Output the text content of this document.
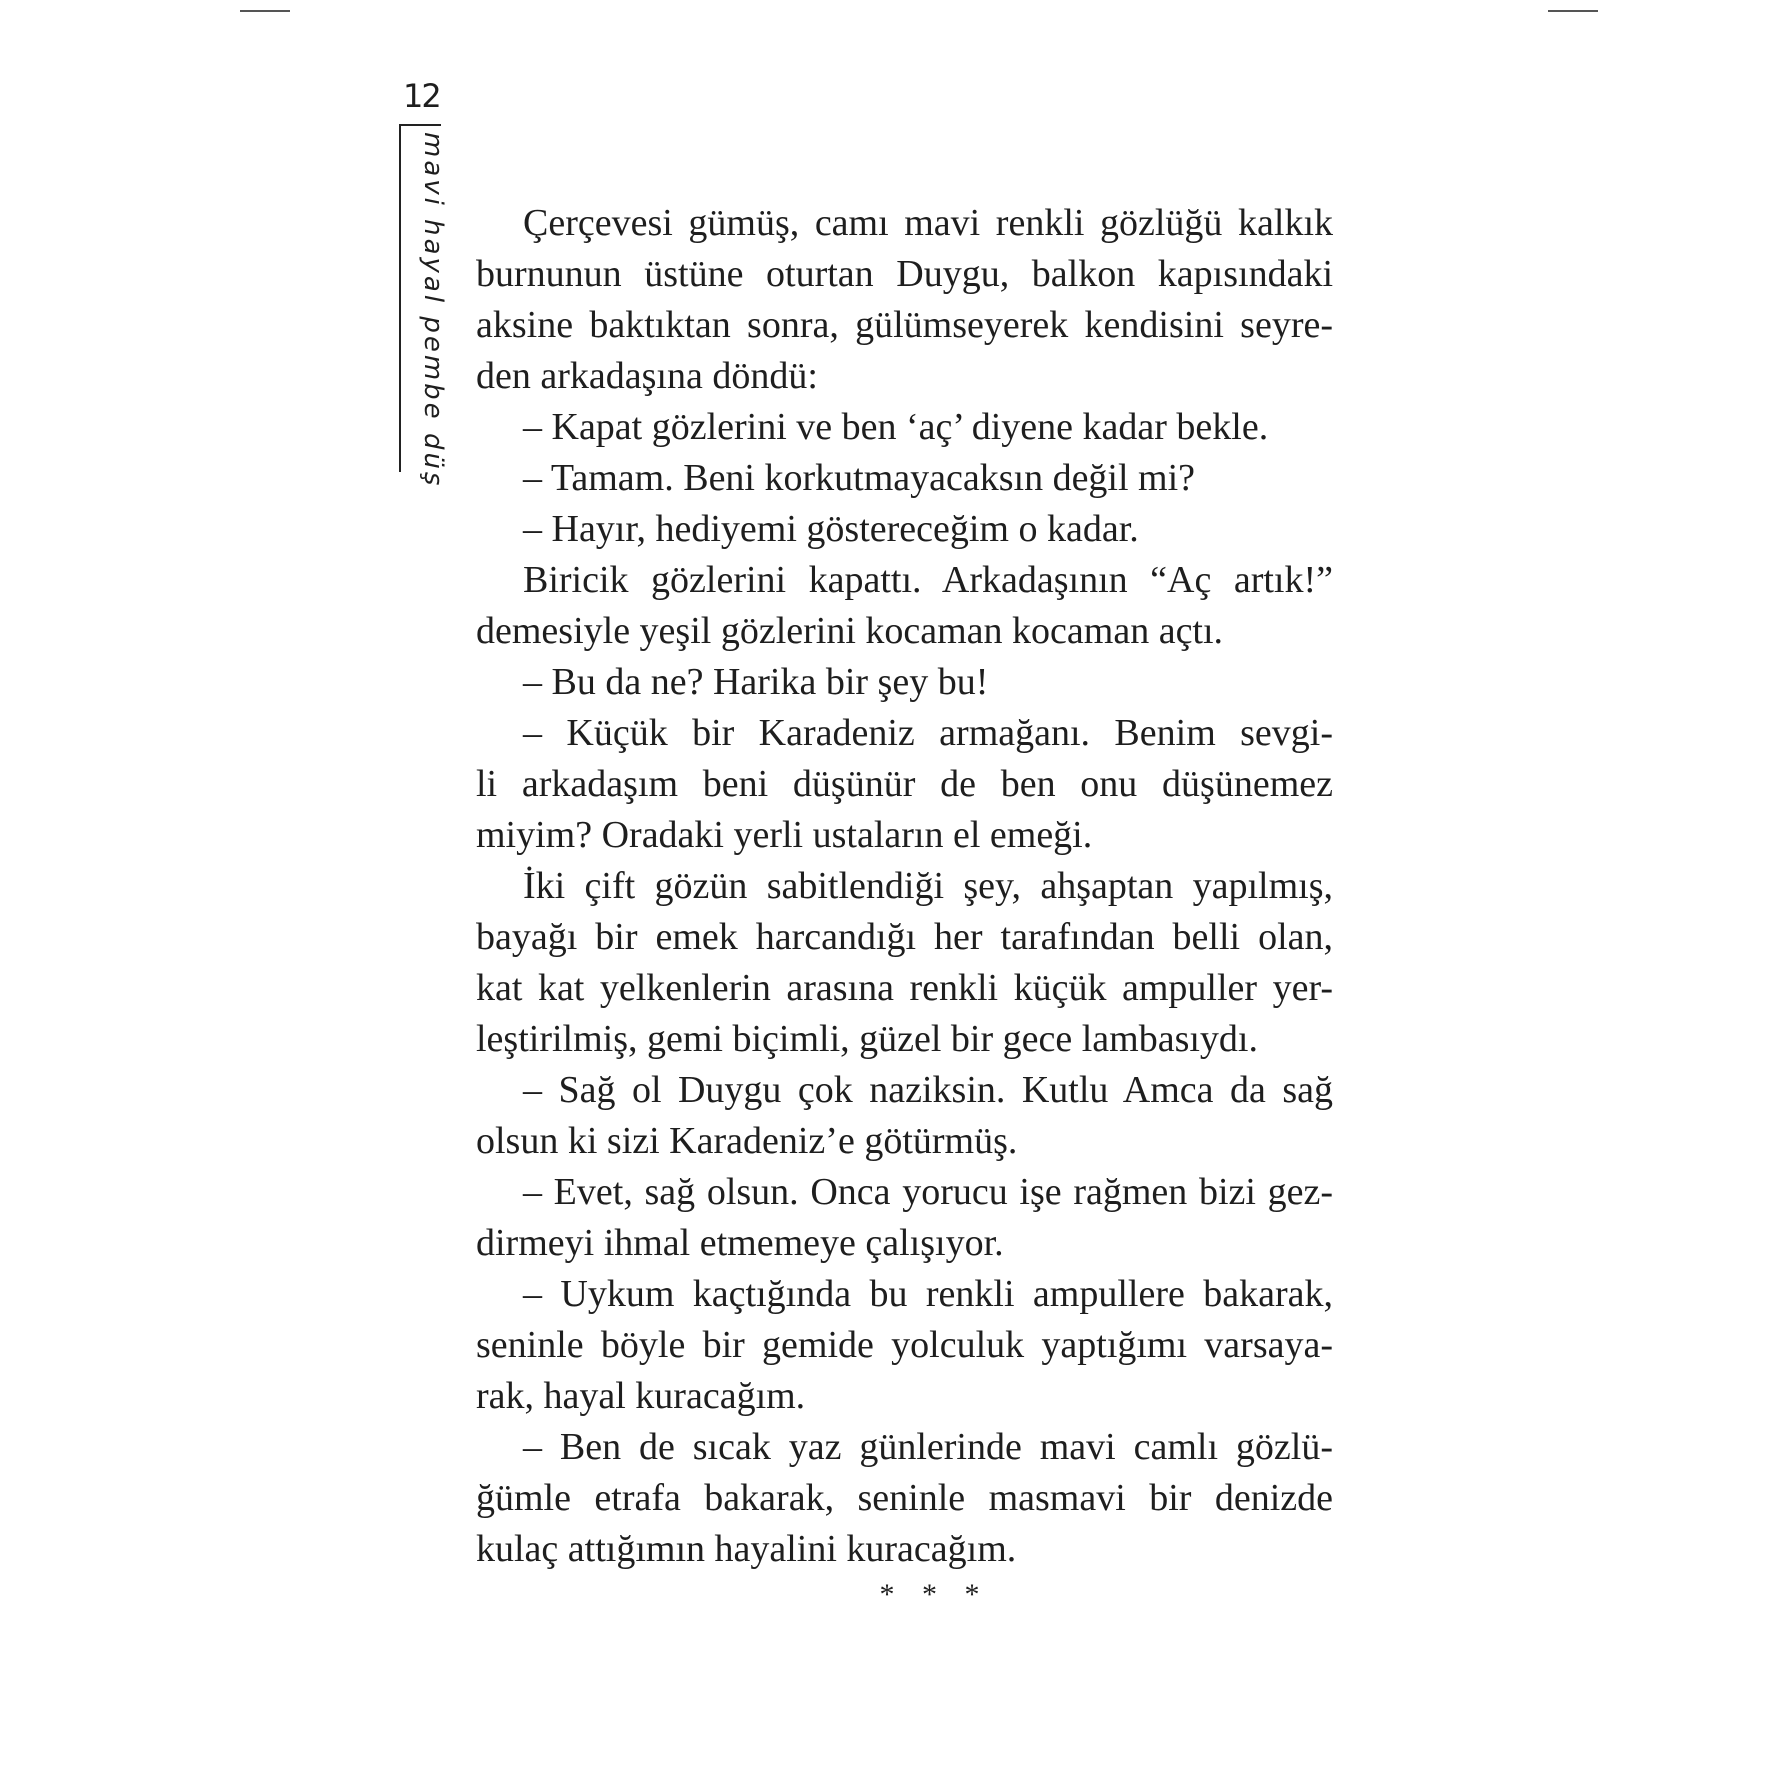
12
mavi hayal pembe düş	Çerçevesi gümüş, camı mavi renkli gözlüğü kalkık
burnunun üstüne oturtan Duygu, balkon kapısındaki
aksine baktıktan sonra, gülümseyerek kendisini seyre-
den arkadaşına döndü:
– Kapat gözlerini ve ben ‘aç’ diyene kadar bekle.
– Tamam. Beni korkutmayacaksın değil mi?
– Hayır, hediyemi göstereceğim o kadar.
Biricik gözlerini kapattı. Arkadaşının “Aç artık!”
demesiyle yeşil gözlerini kocaman kocaman açtı.
– Bu da ne? Harika bir şey bu!
– Küçük bir Karadeniz armağanı. Benim sevgi-
li arkadaşım beni düşünür de ben onu düşünemez
miyim? Oradaki yerli ustaların el emeği.
İki çift gözün sabitlendiği şey, ahşaptan yapılmış,
bayağı bir emek harcandığı her tarafından belli olan,
kat kat yelkenlerin arasına renkli küçük ampuller yer-
leştirilmiş, gemi biçimli, güzel bir gece lambasıydı.
– Sağ ol Duygu çok naziksin. Kutlu Amca da sağ
olsun ki sizi Karadeniz’e götürmüş.
– Evet, sağ olsun. Onca yorucu işe rağmen bizi gez-
dirmeyi ihmal etmemeye çalışıyor.
– Uykum kaçtığında bu renkli ampullere bakarak,
seninle böyle bir gemide yolculuk yaptığımı varsaya-
rak, hayal kuracağım.
– Ben de sıcak yaz günlerinde mavi camlı gözlü-
ğümle etrafa bakarak, seninle masmavi bir denizde
kulaç attığımın hayalini kuracağım.
* * *
